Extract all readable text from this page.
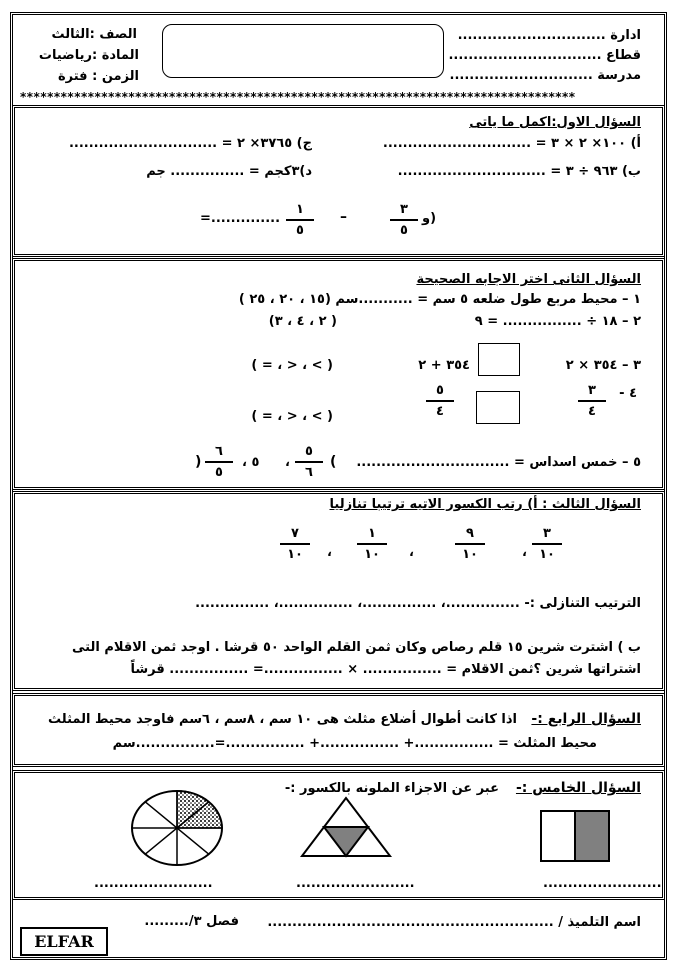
ادارة ..............................
قطاع ...............................
مدرسة .............................
الصف :الثالث
المادة :رياضيات
الزمن : فترة
**********************************************************************************
السؤال الاول:اكمل ما ياتى
أ) ١٠٠× ٢ × ٣ = ..............................
ج) ٣٧٦٥× ٢ = ..............................
ب) ٩٦٣ ÷ ٣ = ..............................
د)٣كجم = ............... جم
و)
٣
٥
–
١
٥
=..............
السؤال الثانى اختر الاجابه الصحيحة
١ – محيط مربع طول ضلعه ٥ سم = ...........سم (١٥ ، ٢٠ ، ٢٥ )
٢ – ١٨ ÷ ................ = ٩
( ٢ ، ٤ ، ٣)
٣ – ٣٥٤ × ٢
٣٥٤ + ٢
( > ، < ، = )
٤ -
٣
٤
٥
٤
( > ، < ، = )
٥ – خمس اسداس = ...............................
(
٥
٦
،
٥ ،
٦
٥
)
السؤال الثالث : أ) رتب الكسور الاتيه ترتيبا تنازليا
٣
١٠
،
٩
١٠
،
١
١٠
،
٧
١٠
الترتيب التنازلى :- ...............، ...............، ...............، ...............
ب ) اشترت شرين ١٥ قلم رصاص وكان ثمن القلم الواحد ٥٠ قرشا . اوجد ثمن الاقلام التى
اشتراتها شرين ؟ثمن الاقلام = ................ × ................= ................ قرشاً
السؤال الرابع :-
اذا كانت أطوال أضلاع مثلث هى ١٠ سم ، ٨سم ، ٦سم فاوجد محيط المثلث
محيط المثلث = ................+ ................+ ................=................سم
السؤال الخامس :-
عبر عن الاجزاء الملونه بالكسور :-
........................	........................	........................
اسم التلميذ / ..........................................................
فصل ٣/.........
ELFAR
